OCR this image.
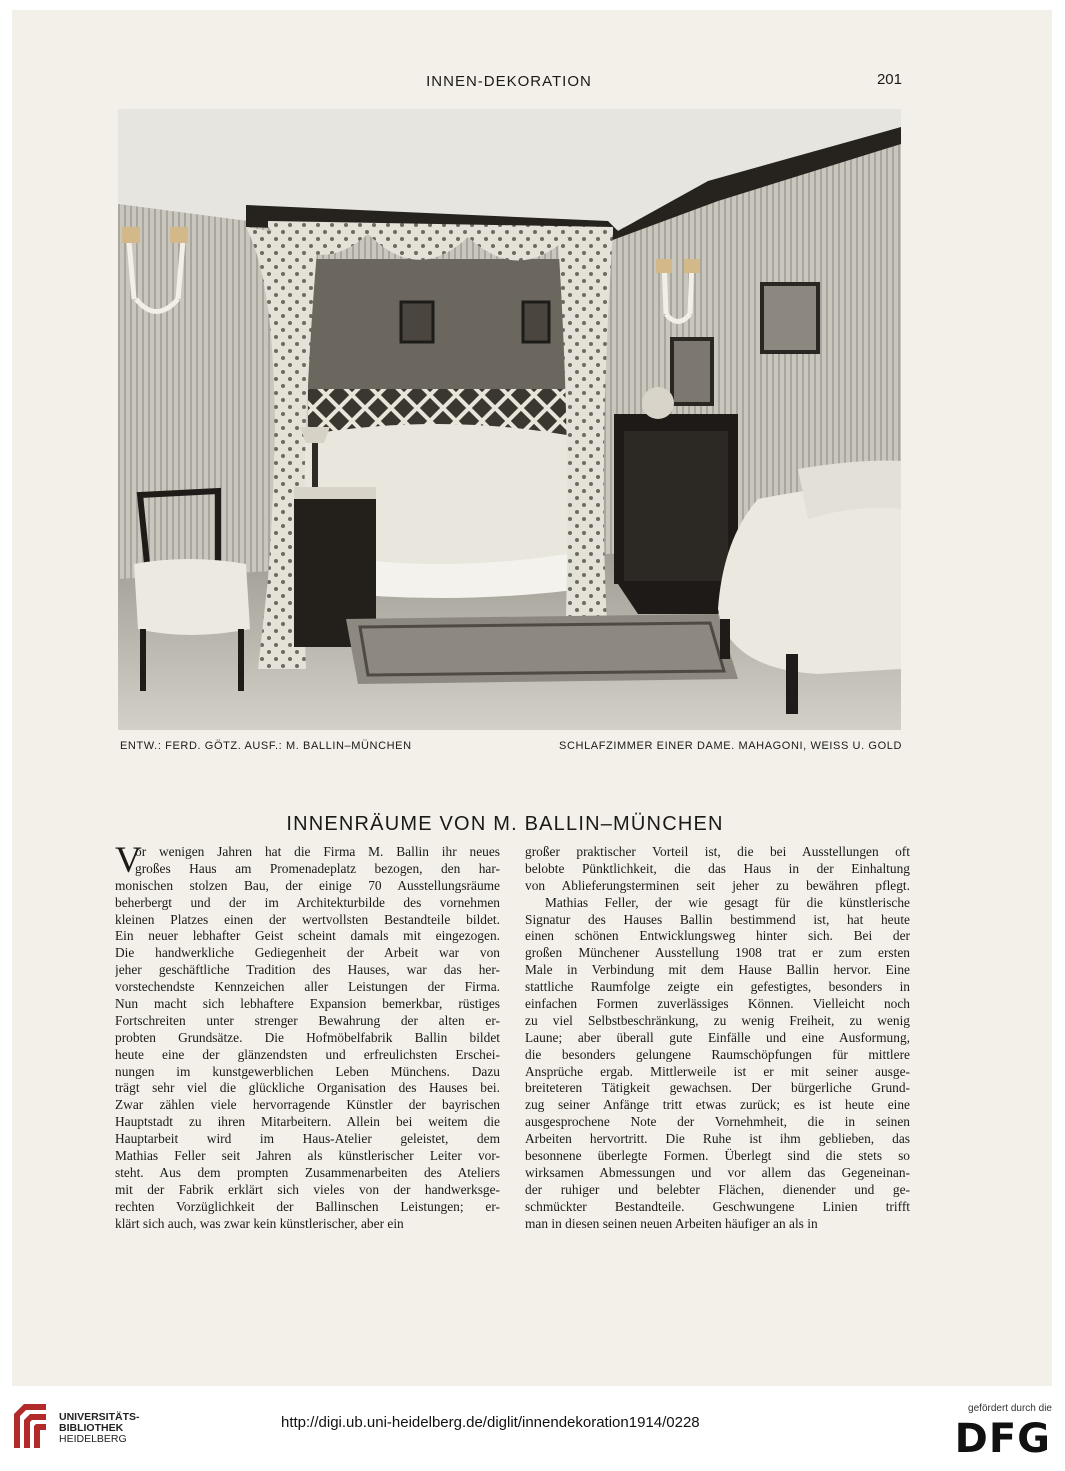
INNEN-DEKORATION	201
ENTW.: FERD. GÖTZ. AUSF.: M. BALLIN–MÜNCHEN	SCHLAFZIMMER EINER DAME. MAHAGONI, WEISS U. GOLD
INNENRÄUME VON M. BALLIN–MÜNCHEN
V
or wenigen Jahren hat die Firma M. Ballin ihr neues
großes Haus am Promenadeplatz bezogen, den har-
monischen stolzen Bau, der einige 70 Ausstellungsräume
beherbergt und der im Architekturbilde des vornehmen
kleinen Platzes einen der wertvollsten Bestandteile bildet.
Ein neuer lebhafter Geist scheint damals mit eingezogen.
Die handwerkliche Gediegenheit der Arbeit war von
jeher geschäftliche Tradition des Hauses, war das her-
vorstechendste Kennzeichen aller Leistungen der Firma.
Nun macht sich lebhaftere Expansion bemerkbar, rüstiges
Fortschreiten unter strenger Bewahrung der alten er-
probten Grundsätze. Die Hofmöbelfabrik Ballin bildet
heute eine der glänzendsten und erfreulichsten Erschei-
nungen im kunstgewerblichen Leben Münchens. Dazu
trägt sehr viel die glückliche Organisation des Hauses bei.
Zwar zählen viele hervorragende Künstler der bayrischen
Hauptstadt zu ihren Mitarbeitern. Allein bei weitem die
Hauptarbeit wird im Haus-Atelier geleistet, dem
Mathias Feller seit Jahren als künstlerischer Leiter vor-
steht. Aus dem prompten Zusammenarbeiten des Ateliers
mit der Fabrik erklärt sich vieles von der handwerksge-
rechten Vorzüglichkeit der Ballinschen Leistungen; er-
klärt sich auch, was zwar kein künstlerischer, aber ein
großer praktischer Vorteil ist, die bei Ausstellungen oft
belobte Pünktlichkeit, die das Haus in der Einhaltung
von Ablieferungsterminen seit jeher zu bewähren pflegt.
Mathias Feller, der wie gesagt für die künstlerische
Signatur des Hauses Ballin bestimmend ist, hat heute
einen schönen Entwicklungsweg hinter sich. Bei der
großen Münchener Ausstellung 1908 trat er zum ersten
Male in Verbindung mit dem Hause Ballin hervor. Eine
stattliche Raumfolge zeigte ein gefestigtes, besonders in
einfachen Formen zuverlässiges Können. Vielleicht noch
zu viel Selbstbeschränkung, zu wenig Freiheit, zu wenig
Laune; aber überall gute Einfälle und eine Ausformung,
die besonders gelungene Raumschöpfungen für mittlere
Ansprüche ergab. Mittlerweile ist er mit seiner ausge-
breiteteren Tätigkeit gewachsen. Der bürgerliche Grund-
zug seiner Anfänge tritt etwas zurück; es ist heute eine
ausgesprochene Note der Vornehmheit, die in seinen
Arbeiten hervortritt. Die Ruhe ist ihm geblieben, das
besonnene überlegte Formen. Überlegt sind die stets so
wirksamen Abmessungen und vor allem das Gegeneinan-
der ruhiger und belebter Flächen, dienender und ge-
schmückter Bestandteile. Geschwungene Linien trifft
man in diesen seinen neuen Arbeiten häufiger an als in
UNIVERSITÄTS-
BIBLIOTHEK
HEIDELBERG
http://digi.ub.uni-heidelberg.de/diglit/innendekoration1914/0228
gefördert durch die
DFG
